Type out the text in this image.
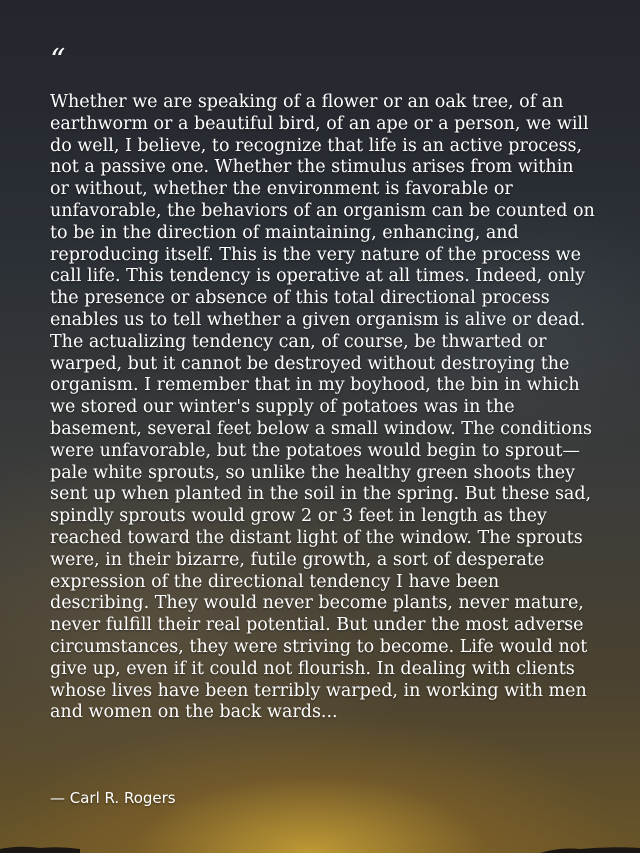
“

Whether we are speaking of a flower or an oak tree, of an earthworm or a beautiful bird, of an ape or a person, we will do well, I believe, to recognize that life is an active process, not a passive one. Whether the stimulus arises from within or without, whether the environment is favorable or unfavorable, the behaviors of an organism can be counted on to be in the direction of maintaining, enhancing, and reproducing itself. This is the very nature of the process we call life. This tendency is operative at all times. Indeed, only the presence or absence of this total directional process enables us to tell whether a given organism is alive or dead. The actualizing tendency can, of course, be thwarted or warped, but it cannot be destroyed without destroying the organism. I remember that in my boyhood, the bin in which we stored our winter's supply of potatoes was in the basement, several feet below a small window. The conditions were unfavorable, but the potatoes would begin to sprout—pale white sprouts, so unlike the healthy green shoots they sent up when planted in the soil in the spring. But these sad, spindly sprouts would grow 2 or 3 feet in length as they reached toward the distant light of the window. The sprouts were, in their bizarre, futile growth, a sort of desperate expression of the directional tendency I have been describing. They would never become plants, never mature, never fulfill their real potential. But under the most adverse circumstances, they were striving to become. Life would not give up, even if it could not flourish. In dealing with clients whose lives have been terribly warped, in working with men and women on the back wards...

— Carl R. Rogers
